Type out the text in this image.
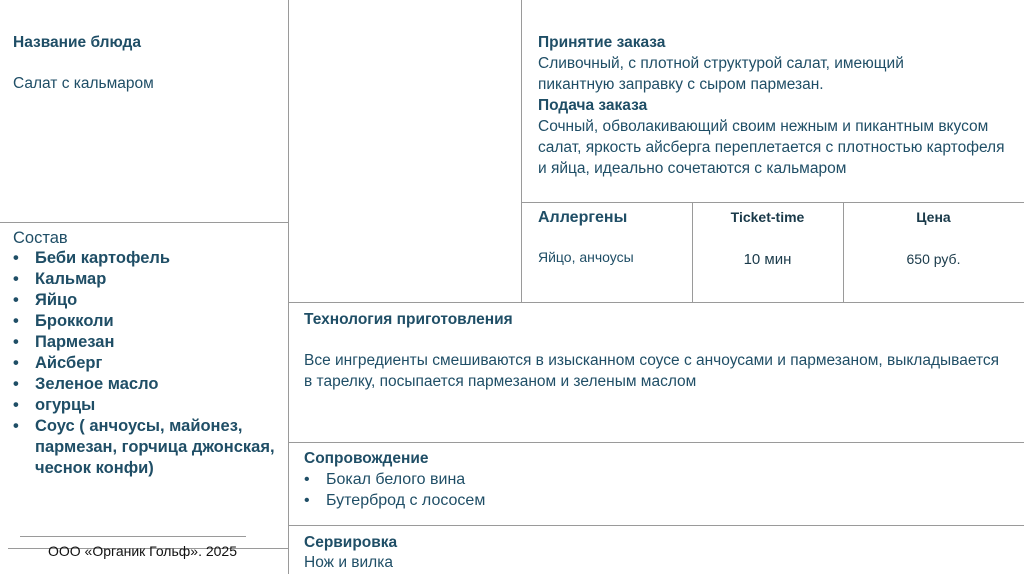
Название блюда
Салат с кальмаром
Состав
• Беби картофель
• Кальмар
• Яйцо
• Брокколи
• Пармезан
• Айсберг
• Зеленое масло
• огурцы
• Соус ( анчоусы, майонез, пармезан, горчица джонская, чеснок конфи)
ООО «Органик Гольф». 2025
Принятие заказа
Сливочный, с плотной структурой салат, имеющий пикантную заправку с сыром пармезан.
Подача заказа
Сочный, обволакивающий своим нежным и пикантным вкусом салат, яркость айсберга переплетается с плотностью картофеля и яйца, идеально сочетаются с кальмаром
Аллергены
Яйцо, анчоусы
Ticket-time
10 мин
Цена
650 руб.
Технология приготовления
Все ингредиенты смешиваются в изысканном соусе с анчоусами и пармезаном, выкладывается в тарелку, посыпается пармезаном и зеленым маслом
Сопровождение
• Бокал белого вина
• Бутерброд с лососем
Сервировка
Нож и вилка
